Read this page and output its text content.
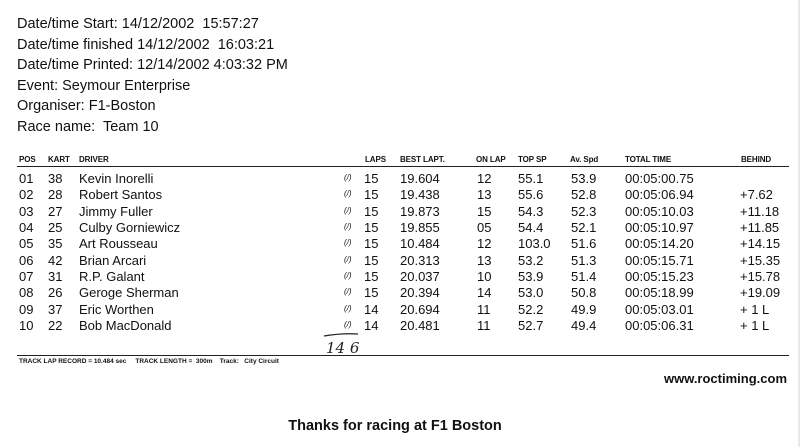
Date/time Start: 14/12/2002  15:57:27
Date/time finished 14/12/2002  16:03:21
Date/time Printed: 12/14/2002 4:03:32 PM
Event: Seymour Enterprise
Organiser: F1-Boston
Race name:  Team 10
POS KART DRIVER	LAPS BEST LAPT.	ON LAP TOP SP	Av. Spd	TOTAL TIME	BEHIND
01 38 Kevin Inorelli	(/) 15 19.604	12 55.1 53.9 00:05:00.75
02 28 Robert Santos	(/) 15 19.438	13 55.6 52.8 00:05:06.94	+7.62
03 27 Jimmy Fuller	(/) 15 19.873	15 54.3 52.3 00:05:10.03	+11.18
04 25 Culby Gorniewicz	(/) 15 19.855	05 54.4 52.1 00:05:10.97	+11.85
05 35 Art Rousseau	(/) 15 10.484	12 103.0 51.6 00:05:14.20	+14.15
06 42 Brian Arcari	(/) 15 20.313	13 53.2 51.3 00:05:15.71	+15.35
07 31 R.P. Galant	(/) 15 20.037	10 53.9 51.4 00:05:15.23	+15.78
08 26 Geroge Sherman	(/) 15 20.394	14 53.0 50.8 00:05:18.99	+19.09
09 37 Eric Worthen	(/) 14 20.694	11 52.2 49.9 00:05:03.01	+ 1 L
10 22 Bob MacDonald	(/) 14 20.481	11 52.7 49.4 00:05:06.31	+ 1 L
14 6
TRACK LAP RECORD = 10.484 sec     TRACK LENGTH =  300m    Track:   City Circuit
www.roctiming.com
Thanks for racing at F1 Boston
